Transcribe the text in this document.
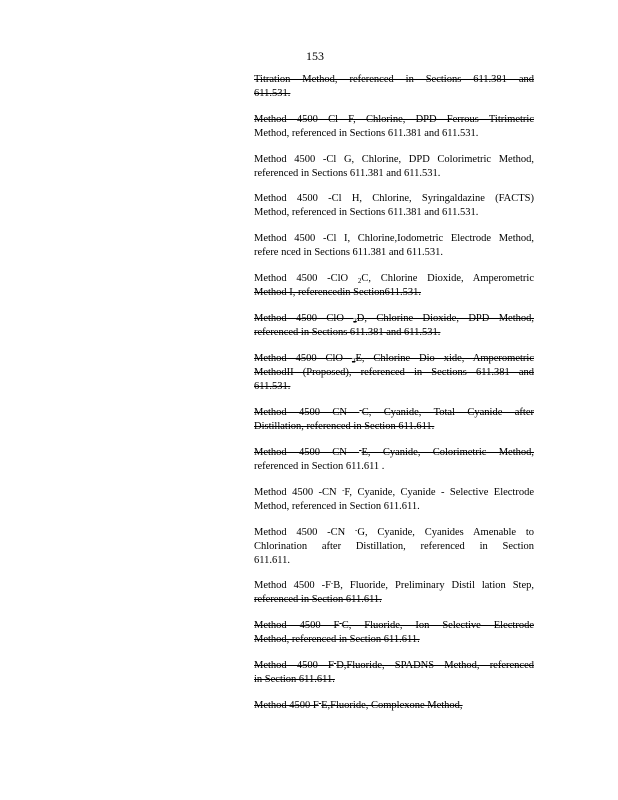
153
Titration Method, referenced in Sections 611.381 and
611.531.
Method 4500 Cl F, Chlorine, DPD Ferrous Titrimetric
Method, referenced in Sections 611.381 and 611.531.
Method 4500 -Cl G, Chlorine, DPD Colorimetric Method,
referenced in Sections 611.381 and 611.531.
Method 4500 -Cl H, Chlorine, Syringaldazine (FACTS)
Method, referenced in Sections 611.381 and 611.531.
Method 4500 -Cl I, Chlorine,Iodometric Electrode Method,
refere nced in Sections 611.381 and 611.531.
Method 4500 -ClO $_2$C, Chlorine Dioxide, Amperometric
Method I, referencedin Section611.531.
Method 4500 ClO $_2$D, Chlorine Dioxide, DPD Method,
referenced in Sections 611.381 and 611.531.
Method 4500 ClO $_2$E, Chlorine Dio xide, Amperometric
MethodII (Proposed), referenced in Sections 611.381 and
611.531.
Method 4500 CN -C, Cyanide, Total Cyanide after
Distillation, referenced in Section 611.611.
Method 4500 CN -E, Cyanide, Colorimetric Method,
referenced in Section 611.611 .
Method 4500 -CN -F, Cyanide, Cyanide - Selective Electrode
Method, referenced in Section 611.611.
Method 4500 -CN -G, Cyanide, Cyanides Amenable to
Chlorination after Distillation, referenced in Section
611.611.
Method 4500 -F-B, Fluoride, Preliminary Distil lation Step,
referenced in Section 611.611.
Method 4500 F-C, Fluoride, Ion Selective Electrode
Method, referenced in Section 611.611.
Method 4500 F-D,Fluoride, SPADNS Method, referenced
in Section 611.611.
Method 4500 F-E,Fluoride, Complexone Method,
